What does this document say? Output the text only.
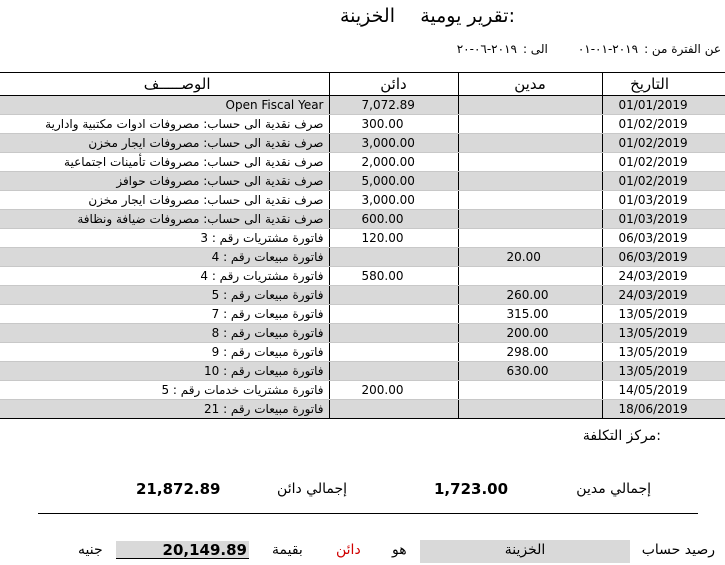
تقرير يومية:
الخزينة
عن الفترة من :٢٠١٩-٠١-٠١الى :٢٠١٩-٠٦-٢٠
الوصـــــف	دائن	مدين	التاريخ
Open Fiscal Year	7,072.89		01/01/2019
صرف نقدية الى حساب: مصروفات ادوات مكتبية وادارية	300.00		01/02/2019
صرف نقدية الى حساب: مصروفات ايجار مخزن	3,000.00		01/02/2019
صرف نقدية الى حساب: مصروفات تأمينات اجتماعية	2,000.00		01/02/2019
صرف نقدية الى حساب: مصروفات حوافز	5,000.00		01/02/2019
صرف نقدية الى حساب: مصروفات ايجار مخزن	3,000.00		01/03/2019
صرف نقدية الى حساب: مصروفات ضيافة ونظافة	600.00		01/03/2019
فاتورة مشتريات رقم : 3	120.00		06/03/2019
فاتورة مبيعات رقم : 4		20.00	06/03/2019
فاتورة مشتريات رقم : 4	580.00		24/03/2019
فاتورة مبيعات رقم : 5		260.00	24/03/2019
فاتورة مبيعات رقم : 7		315.00	13/05/2019
فاتورة مبيعات رقم : 8		200.00	13/05/2019
فاتورة مبيعات رقم : 9		298.00	13/05/2019
فاتورة مبيعات رقم : 10		630.00	13/05/2019
فاتورة مشتريات خدمات رقم : 5	200.00		14/05/2019
فاتورة مبيعات رقم : 21			18/06/2019
مركز التكلفة:
إجمالي دائن
21,872.89	إجمالي مدين
1,723.00
رصيد حساب
الخزينة
هو
دائن
بقيمة
20,149.89
جنيه
